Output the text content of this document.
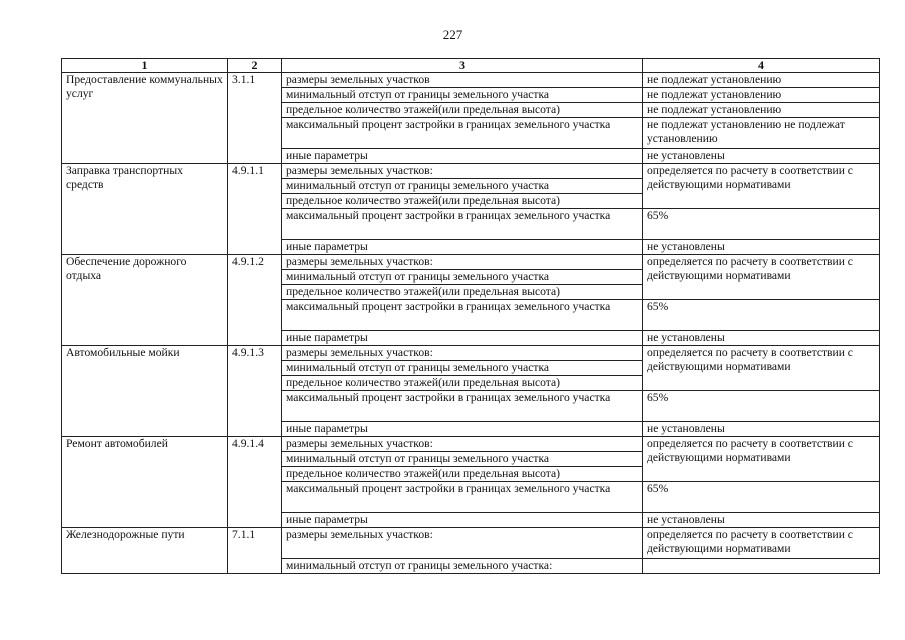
227
1	2	3	4
Предоставление коммунальных услуг	3.1.1	размеры земельных участков	не подлежат установлению
		минимальный отступ от границы земельного участка	не подлежат установлению
		предельное количество этажей(или предельная высота)	не подлежат установлению
		максимальный процент застройки в границах земельного участка	не подлежат установлению не подлежат установлению
		иные параметры	не установлены
Заправка транспортных средств	4.9.1.1	размеры земельных участков:	определяется по расчету в соответствии с действующими нормативами
		минимальный отступ от границы земельного участка	
		предельное количество этажей(или предельная высота)	
		максимальный процент застройки в границах земельного участка	65%
		иные параметры	не установлены
Обеспечение дорожного отдыха	4.9.1.2	размеры земельных участков:	определяется по расчету в соответствии с действующими нормативами
		минимальный отступ от границы земельного участка	
		предельное количество этажей(или предельная высота)	
		максимальный процент застройки в границах земельного участка	65%
		иные параметры	не установлены
Автомобильные мойки	4.9.1.3	размеры земельных участков:	определяется по расчету в соответствии с действующими нормативами
		минимальный отступ от границы земельного участка	
		предельное количество этажей(или предельная высота)	
		максимальный процент застройки в границах земельного участка	65%
		иные параметры	не установлены
Ремонт автомобилей	4.9.1.4	размеры земельных участков:	определяется по расчету в соответствии с действующими нормативами
		минимальный отступ от границы земельного участка	
		предельное количество этажей(или предельная высота)	
		максимальный процент застройки в границах земельного участка	65%
		иные параметры	не установлены
Железнодорожные пути	7.1.1	размеры земельных участков:	определяется по расчету в соответствии с действующими нормативами
		минимальный отступ от границы земельного участка:	
